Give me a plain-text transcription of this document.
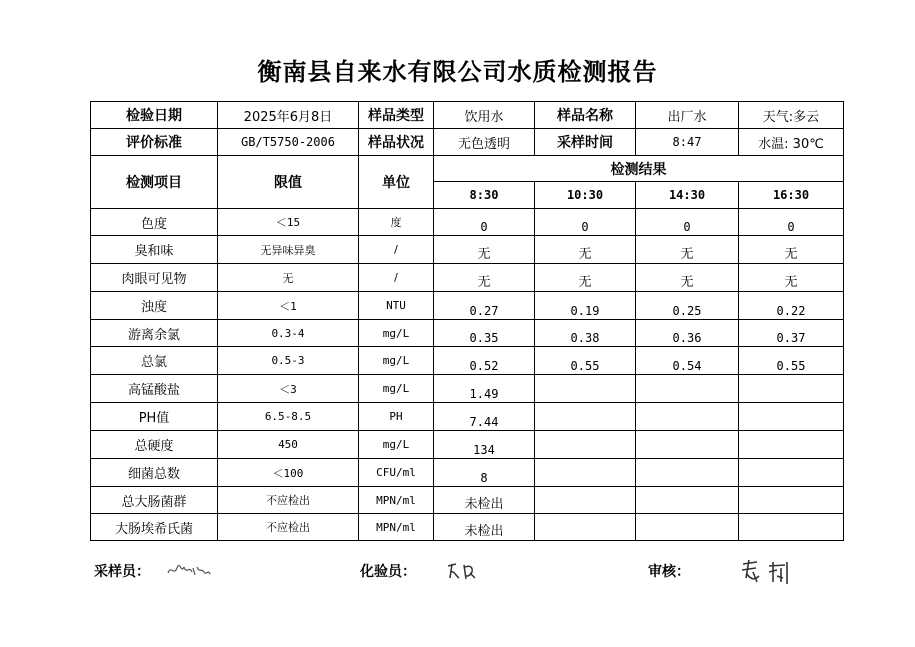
衡南县自来水有限公司水质检测报告
检验日期	2025年6月8日	样品类型	饮用水	样品名称	出厂水	天气:多云
评价标准	GB/T5750-2006	样品状况	无色透明	采样时间	8:47	水温: 30℃
检测项目	限值	单位	检测结果			
			8:30	10:30	14:30	16:30
色度	＜15	度	0	0	0	0
臭和味	无异味异臭	/	无	无	无	无
肉眼可见物	无	/	无	无	无	无
浊度	＜1	NTU	0.27	0.19	0.25	0.22
游离余氯	0.3-4	mg/L	0.35	0.38	0.36	0.37
总氯	0.5-3	mg/L	0.52	0.55	0.54	0.55
高锰酸盐	＜3	mg/L	1.49			
PH值	6.5-8.5	PH	7.44			
总硬度	450	mg/L	134			
细菌总数	＜100	CFU/ml	8			
总大肠菌群	不应检出	MPN/ml	未检出			
大肠埃希氏菌	不应检出	MPN/ml	未检出			
采样员：	化验员：	审核：
